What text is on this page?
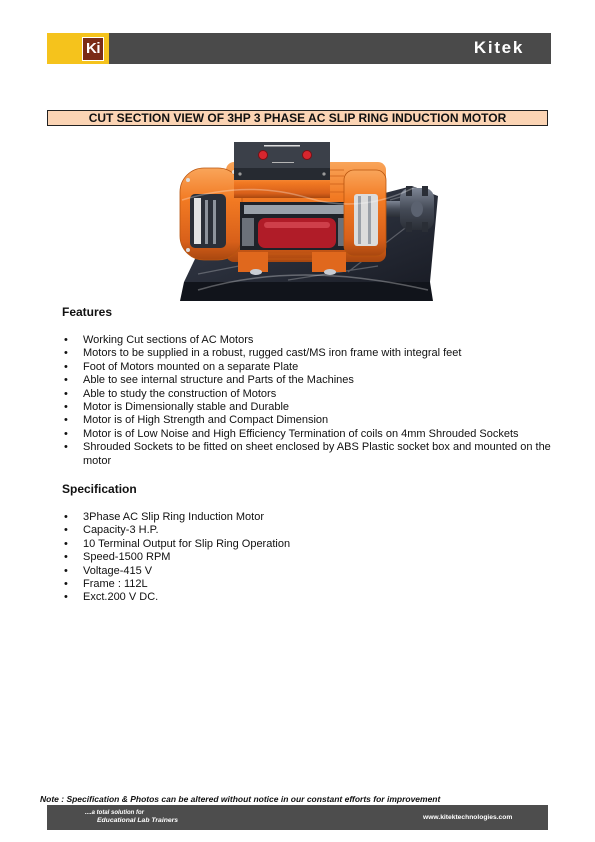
Ki	Kitek
CUT SECTION VIEW OF 3HP 3 PHASE AC SLIP RING INDUCTION MOTOR
Features
•
Working Cut sections of AC Motors
•
Motors to be supplied in a robust, rugged cast/MS iron frame with integral feet
•
Foot of Motors mounted on a separate Plate
•
Able to see internal structure and Parts of the Machines
•
Able to study the construction of Motors
•
Motor is Dimensionally stable and Durable
•
Motor is of High Strength and Compact Dimension
•
Motor is of Low Noise and High Efficiency Termination of coils on 4mm Shrouded Sockets
•
Shrouded Sockets to be fitted on sheet enclosed by ABS Plastic socket box and mounted on the motor
Specification
•
3Phase AC Slip Ring Induction Motor
•
Capacity-3 H.P.
•
10 Terminal Output for Slip Ring Operation
•
Speed-1500 RPM
•
Voltage-415 V
•
Frame : 112L
•
Exct.200 V DC.
Note : Specification & Photos can be altered without notice in our constant efforts for improvement
....a total solution for
Educational Lab Trainers	www.kitektechnologies.com
